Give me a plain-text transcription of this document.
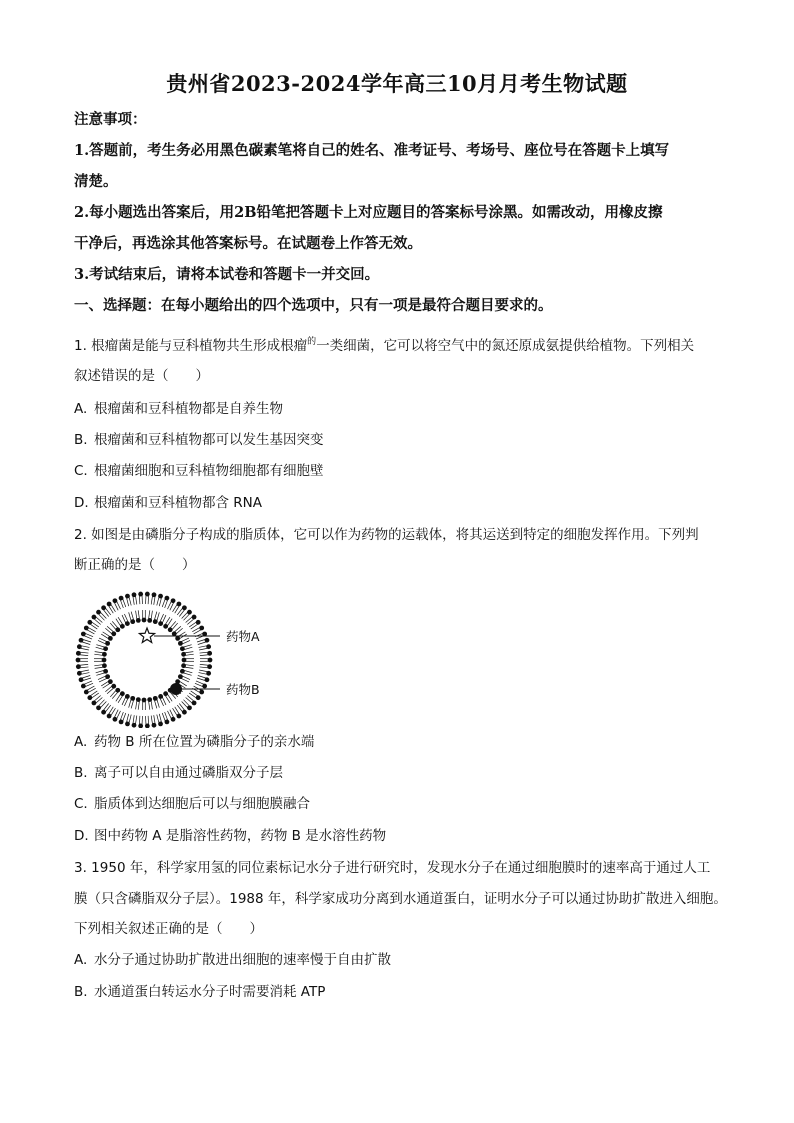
贵州省2023-2024学年高三10月月考生物试题
注意事项：
1.答题前，考生务必用黑色碳素笔将自己的姓名、准考证号、考场号、座位号在答题卡上填写
清楚。
2.每小题选出答案后，用2B铅笔把答题卡上对应题目的答案标号涂黑。如需改动，用橡皮擦
干净后，再选涂其他答案标号。在试题卷上作答无效。
3.考试结束后，请将本试卷和答题卡一并交回。
一、选择题：在每小题给出的四个选项中，只有一项是最符合题目要求的。
1. 根瘤菌是能与豆科植物共生形成根瘤$^的$一类细菌，它可以将空气中的氮还原成氨提供给植物。下列相关
叙述错误的是（　　）
A. 根瘤菌和豆科植物都是自养生物
B. 根瘤菌和豆科植物都可以发生基因突变
C. 根瘤菌细胞和豆科植物细胞都有细胞壁
D. 根瘤菌和豆科植物都含 RNA
2. 如图是由磷脂分子构成的脂质体，它可以作为药物的运载体，将其运送到特定的细胞发挥作用。下列判
断正确的是（　　）
药物A
药物B
A. 药物 B 所在位置为磷脂分子的亲水端
B. 离子可以自由通过磷脂双分子层
C. 脂质体到达细胞后可以与细胞膜融合
D. 图中药物 A 是脂溶性药物，药物 B 是水溶性药物
3. 1950 年，科学家用氢的同位素标记水分子进行研究时，发现水分子在通过细胞膜时的速率高于通过人工
膜（只含磷脂双分子层）。1988 年，科学家成功分离到水通道蛋白，证明水分子可以通过协助扩散进入细胞。
下列相关叙述正确的是（　　）
A. 水分子通过协助扩散进出细胞的速率慢于自由扩散
B. 水通道蛋白转运水分子时需要消耗 ATP
